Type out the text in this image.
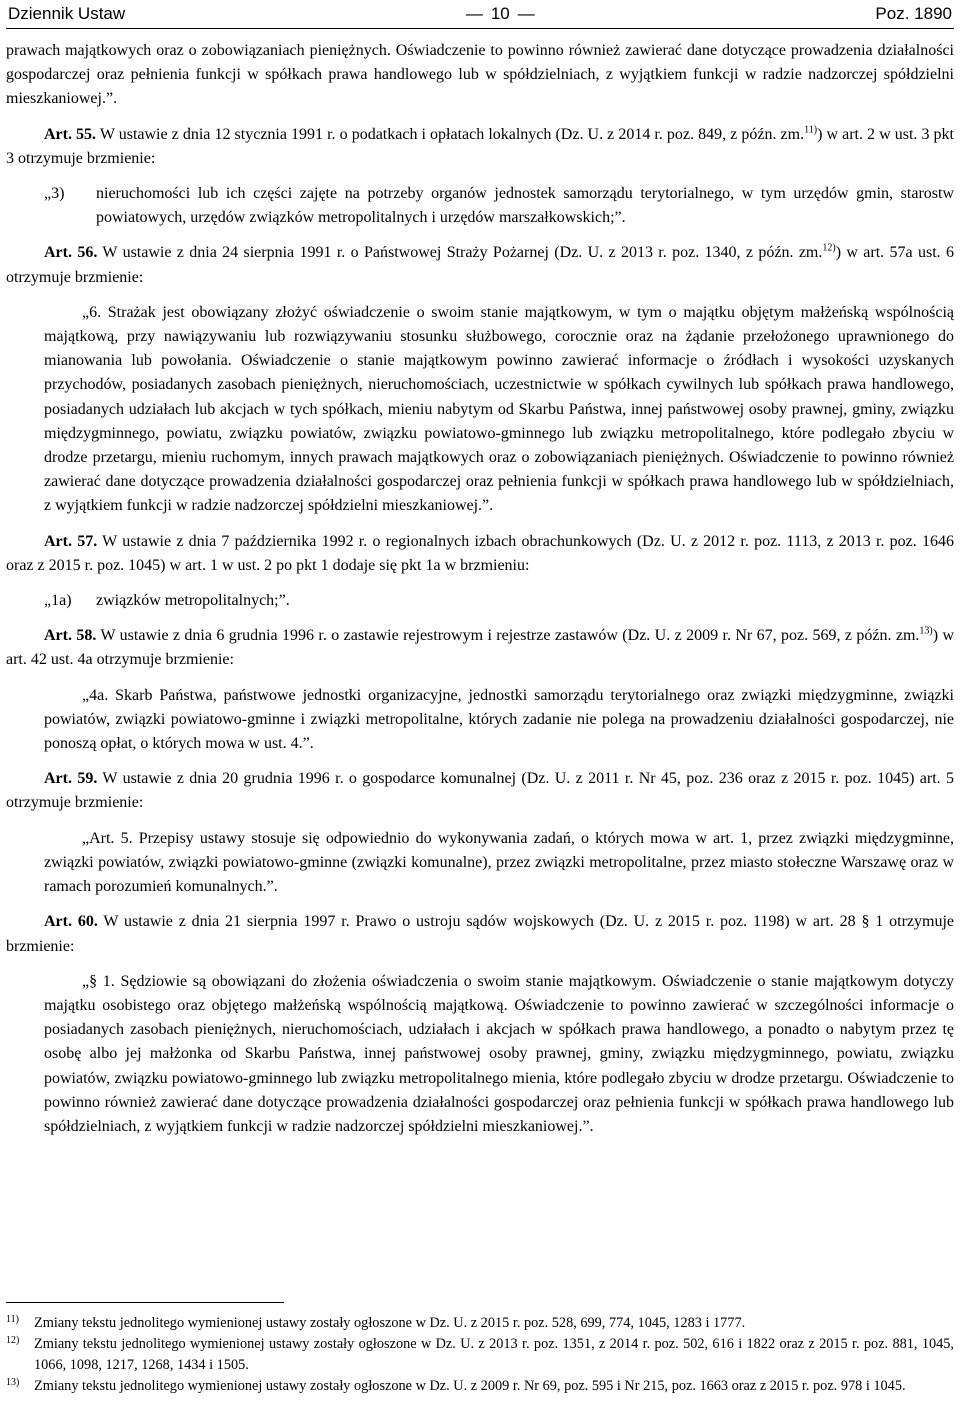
Dziennik Ustaw
—	10 —	Poz. 1890

prawach majątkowych oraz o zobowiązaniach pieniężnych. Oświadczenie to powinno również zawierać dane dotyczące prowadzenia działalności gospodarczej oraz pełnienia funkcji w spółkach prawa handlowego lub w spółdzielniach, z wyjątkiem funkcji w radzie nadzorczej spółdzielni mieszkaniowej.”.

Art. 55. W ustawie z dnia 12 stycznia 1991 r. o podatkach i opłatach lokalnych (Dz. U. z 2014 r. poz. 849, z późn. zm.$^{11)}$) w art. 2 w ust. 3 pkt 3 otrzymuje brzmienie:

„3)	nieruchomości lub ich części zajęte na potrzeby organów jednostek samorządu terytorialnego, w tym urzędów gmin, starostw powiatowych, urzędów związków metropolitalnych i urzędów marszałkowskich;”.

Art. 56. W ustawie z dnia 24 sierpnia 1991 r. o Państwowej Straży Pożarnej (Dz. U. z 2013 r. poz. 1340, z późn. zm.$^{12)}$) w art. 57a ust. 6 otrzymuje brzmienie:

„6. Strażak jest obowiązany złożyć oświadczenie o swoim stanie majątkowym, w tym o majątku objętym małżeńską wspólnością majątkową, przy nawiązywaniu lub rozwiązywaniu stosunku służbowego, corocznie oraz na żądanie przełożonego uprawnionego do mianowania lub powołania. Oświadczenie o stanie majątkowym powinno zawierać informacje o źródłach i wysokości uzyskanych przychodów, posiadanych zasobach pieniężnych, nieruchomościach, uczestnictwie w spółkach cywilnych lub spółkach prawa handlowego, posiadanych udziałach lub akcjach w tych spółkach, mieniu nabytym od Skarbu Państwa, innej państwowej osoby prawnej, gminy, związku międzygminnego, powiatu, związku powiatów, związku powiatowo-gminnego lub związku metropolitalnego, które podlegało zbyciu w drodze przetargu, mieniu ruchomym, innych prawach majątkowych oraz o zobowiązaniach pieniężnych. Oświadczenie to powinno również zawierać dane dotyczące prowadzenia działalności gospodarczej oraz pełnienia funkcji w spółkach prawa handlowego lub w spółdzielniach, z wyjątkiem funkcji w radzie nadzorczej spółdzielni mieszkaniowej.”.

Art. 57. W ustawie z dnia 7 października 1992 r. o regionalnych izbach obrachunkowych (Dz. U. z 2012 r. poz. 1113, z 2013 r. poz. 1646 oraz z 2015 r. poz. 1045) w art. 1 w ust. 2 po pkt 1 dodaje się pkt 1a w brzmieniu:

„1a)	związków metropolitalnych;”.

Art. 58. W ustawie z dnia 6 grudnia 1996 r. o zastawie rejestrowym i rejestrze zastawów (Dz. U. z 2009 r. Nr 67, poz. 569, z późn. zm.$^{13)}$) w art. 42 ust. 4a otrzymuje brzmienie:

„4a. Skarb Państwa, państwowe jednostki organizacyjne, jednostki samorządu terytorialnego oraz związki międzygminne, związki powiatów, związki powiatowo-gminne i związki metropolitalne, których zadanie nie polega na prowadzeniu działalności gospodarczej, nie ponoszą opłat, o których mowa w ust. 4.”.

Art. 59. W ustawie z dnia 20 grudnia 1996 r. o gospodarce komunalnej (Dz. U. z 2011 r. Nr 45, poz. 236 oraz z 2015 r. poz. 1045) art. 5 otrzymuje brzmienie:

„Art. 5. Przepisy ustawy stosuje się odpowiednio do wykonywania zadań, o których mowa w art. 1, przez związki międzygminne, związki powiatów, związki powiatowo-gminne (związki komunalne), przez związki metropolitalne, przez miasto stołeczne Warszawę oraz w ramach porozumień komunalnych.”.

Art. 60. W ustawie z dnia 21 sierpnia 1997 r. Prawo o ustroju sądów wojskowych (Dz. U. z 2015 r. poz. 1198) w art. 28 § 1 otrzymuje brzmienie:

„§ 1. Sędziowie są obowiązani do złożenia oświadczenia o swoim stanie majątkowym. Oświadczenie o stanie majątkowym dotyczy majątku osobistego oraz objętego małżeńską wspólnością majątkową. Oświadczenie to powinno zawierać w szczególności informacje o posiadanych zasobach pieniężnych, nieruchomościach, udziałach i akcjach w spółkach prawa handlowego, a ponadto o nabytym przez tę osobę albo jej małżonka od Skarbu Państwa, innej państwowej osoby prawnej, gminy, związku międzygminnego, powiatu, związku powiatów, związku powiatowo-gminnego lub związku metropolitalnego mienia, które podlegało zbyciu w drodze przetargu. Oświadczenie to powinno również zawierać dane dotyczące prowadzenia działalności gospodarczej oraz pełnienia funkcji w spółkach prawa handlowego lub spółdzielniach, z wyjątkiem funkcji w radzie nadzorczej spółdzielni mieszkaniowej.”.

11)	Zmiany tekstu jednolitego wymienionej ustawy zostały ogłoszone w Dz. U. z 2015 r. poz. 528, 699, 774, 1045, 1283 i 1777.
12)	Zmiany tekstu jednolitego wymienionej ustawy zostały ogłoszone w Dz. U. z 2013 r. poz. 1351, z 2014 r. poz. 502, 616 i 1822 oraz z 2015 r. poz. 881, 1045, 1066, 1098, 1217, 1268, 1434 i 1505.
13)	Zmiany tekstu jednolitego wymienionej ustawy zostały ogłoszone w Dz. U. z 2009 r. Nr 69, poz. 595 i Nr 215, poz. 1663 oraz z 2015 r. poz. 978 i 1045.
